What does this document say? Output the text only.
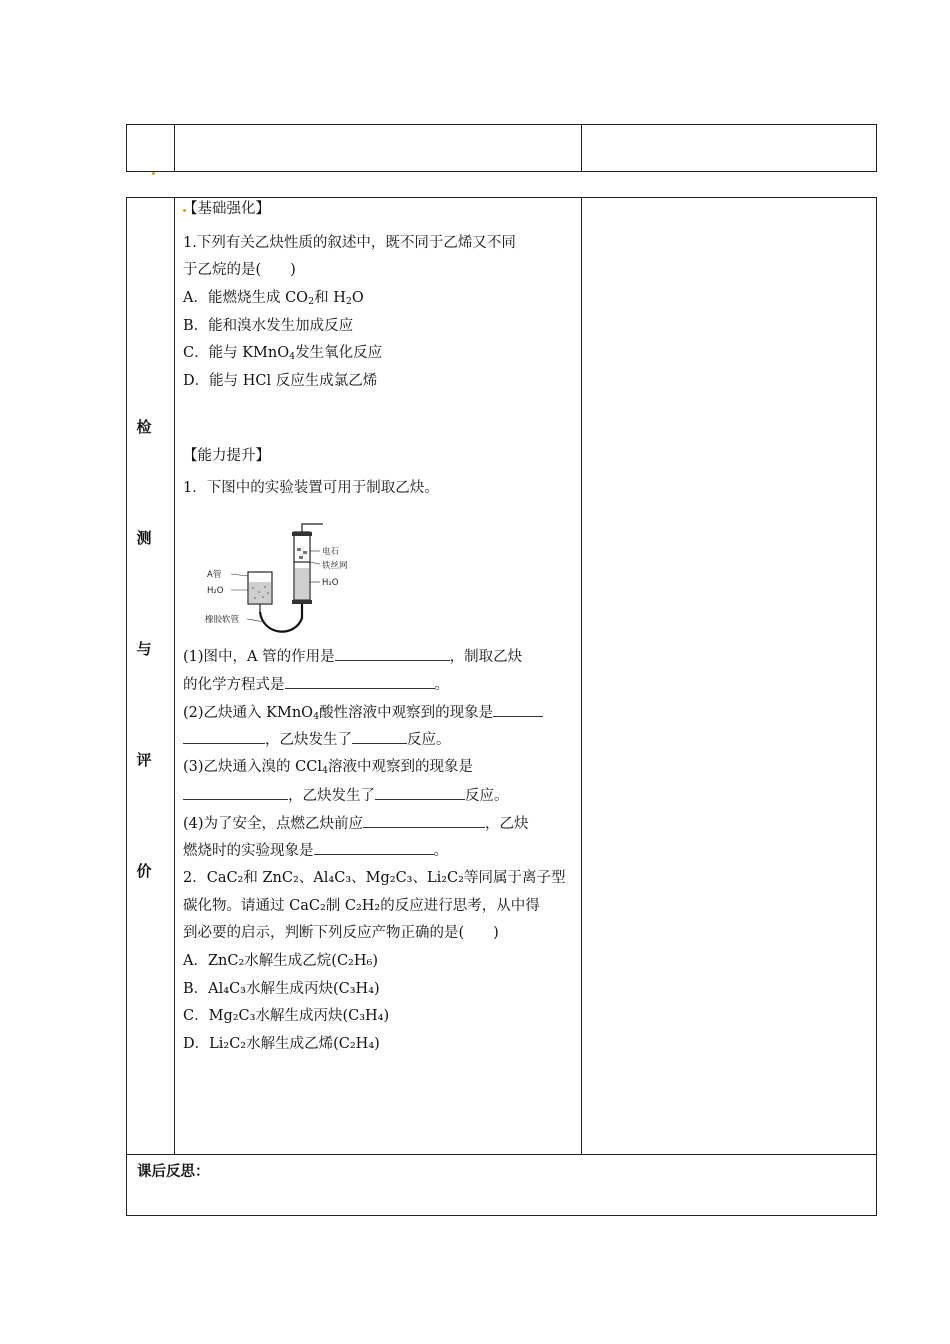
检
测
与
评
价
【基础强化】
1.下列有关乙炔性质的叙述中，既不同于乙烯又不同
于乙烷的是(　　)
A．能燃烧生成 $CO_2$和 $H_2O$
B．能和溴水发生加成反应
C．能与 KMnO$_4$发生氧化反应
D．能与 HCl 反应生成氯乙烯
【能力提升】
1．下图中的实验装置可用于制取乙炔。
电石
铁丝网
H₂O
A管
H₂O
橡胶软管
(1)图中，A 管的作用是	，制取乙炔
的化学方程式是	。
(2)乙炔通入 KMnO$_4$酸性溶液中观察到的现象是
，乙炔发生了	反应。
(3)乙炔通入溴的 CCl$_4$溶液中观察到的现象是
，乙炔发生了	反应。
(4)为了安全，点燃乙炔前应	，乙炔
燃烧时的实验现象是	。
2．CaC₂和 ZnC₂、Al₄C₃、Mg₂C₃、Li₂C₂等同属于离子型
碳化物。请通过 CaC₂制 C₂H₂的反应进行思考，从中得
到必要的启示，判断下列反应产物正确的是(　　)
A．ZnC₂水解生成乙烷(C₂H₆)
B．Al₄C₃水解生成丙炔(C₃H₄)
C．Mg₂C₃水解生成丙炔(C₃H₄)
D．Li₂C₂水解生成乙烯(C₂H₄)
课后反思：
